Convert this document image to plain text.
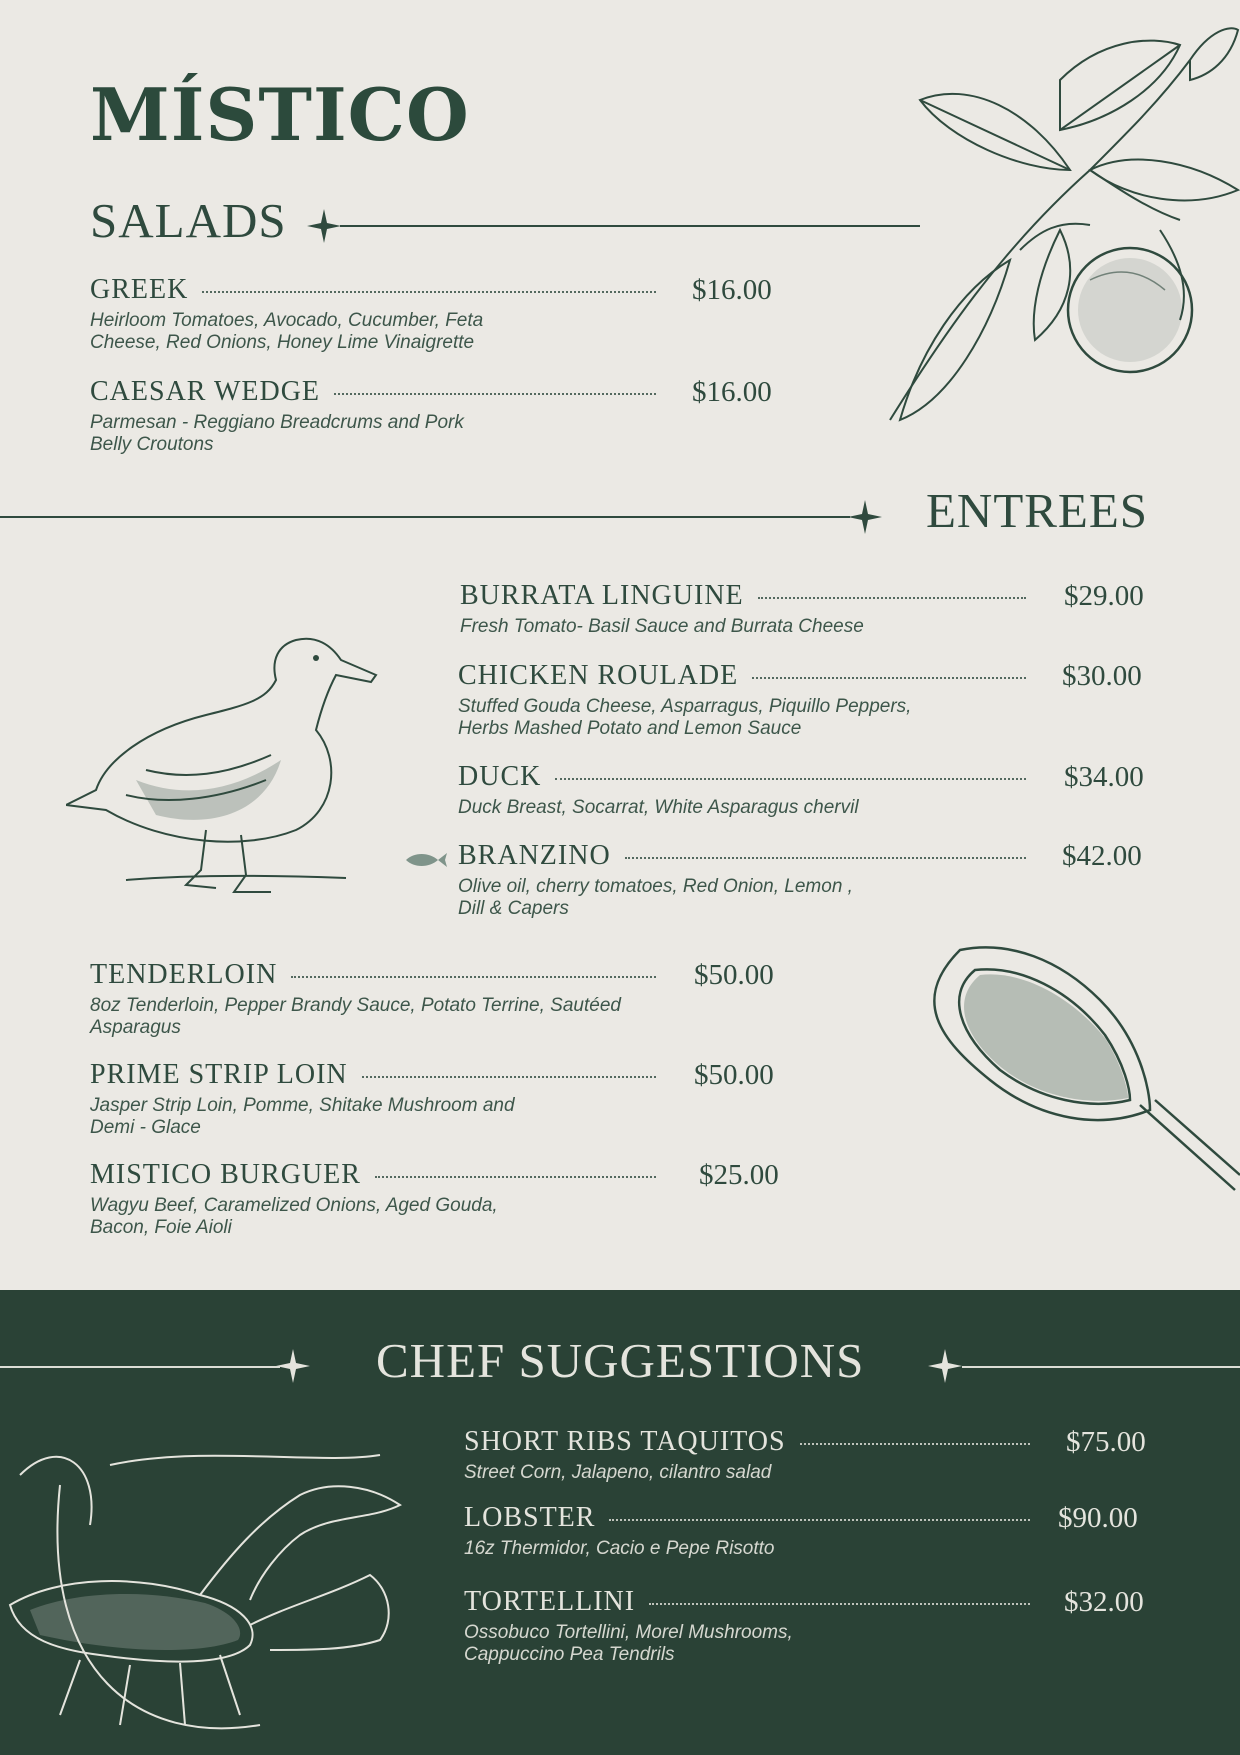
MÍSTICO
SALADS
GREEK	$16.00
Heirloom Tomatoes, Avocado, Cucumber, Feta
Cheese, Red Onions, Honey Lime Vinaigrette
CAESAR WEDGE	$16.00
Parmesan - Reggiano Breadcrums and Pork
Belly Croutons
ENTREES
BURRATA LINGUINE	$29.00
Fresh Tomato- Basil Sauce and Burrata Cheese
CHICKEN ROULADE	$30.00
Stuffed Gouda Cheese, Asparragus, Piquillo Peppers,
Herbs Mashed Potato and Lemon Sauce
DUCK	$34.00
Duck Breast, Socarrat, White Asparagus chervil
BRANZINO	$42.00
Olive oil, cherry tomatoes, Red Onion, Lemon ,
Dill & Capers
TENDERLOIN	$50.00
8oz Tenderloin, Pepper Brandy Sauce, Potato Terrine, Sautéed
Asparagus
PRIME STRIP LOIN	$50.00
Jasper Strip Loin, Pomme, Shitake Mushroom and
Demi - Glace
MISTICO BURGUER	$25.00
Wagyu Beef, Caramelized Onions, Aged Gouda,
Bacon, Foie Aioli
CHEF SUGGESTIONS
SHORT RIBS TAQUITOS	$75.00
Street Corn, Jalapeno, cilantro salad
LOBSTER	$90.00
16z Thermidor, Cacio e Pepe Risotto
TORTELLINI	$32.00
Ossobuco Tortellini, Morel Mushrooms,
Cappuccino Pea Tendrils
